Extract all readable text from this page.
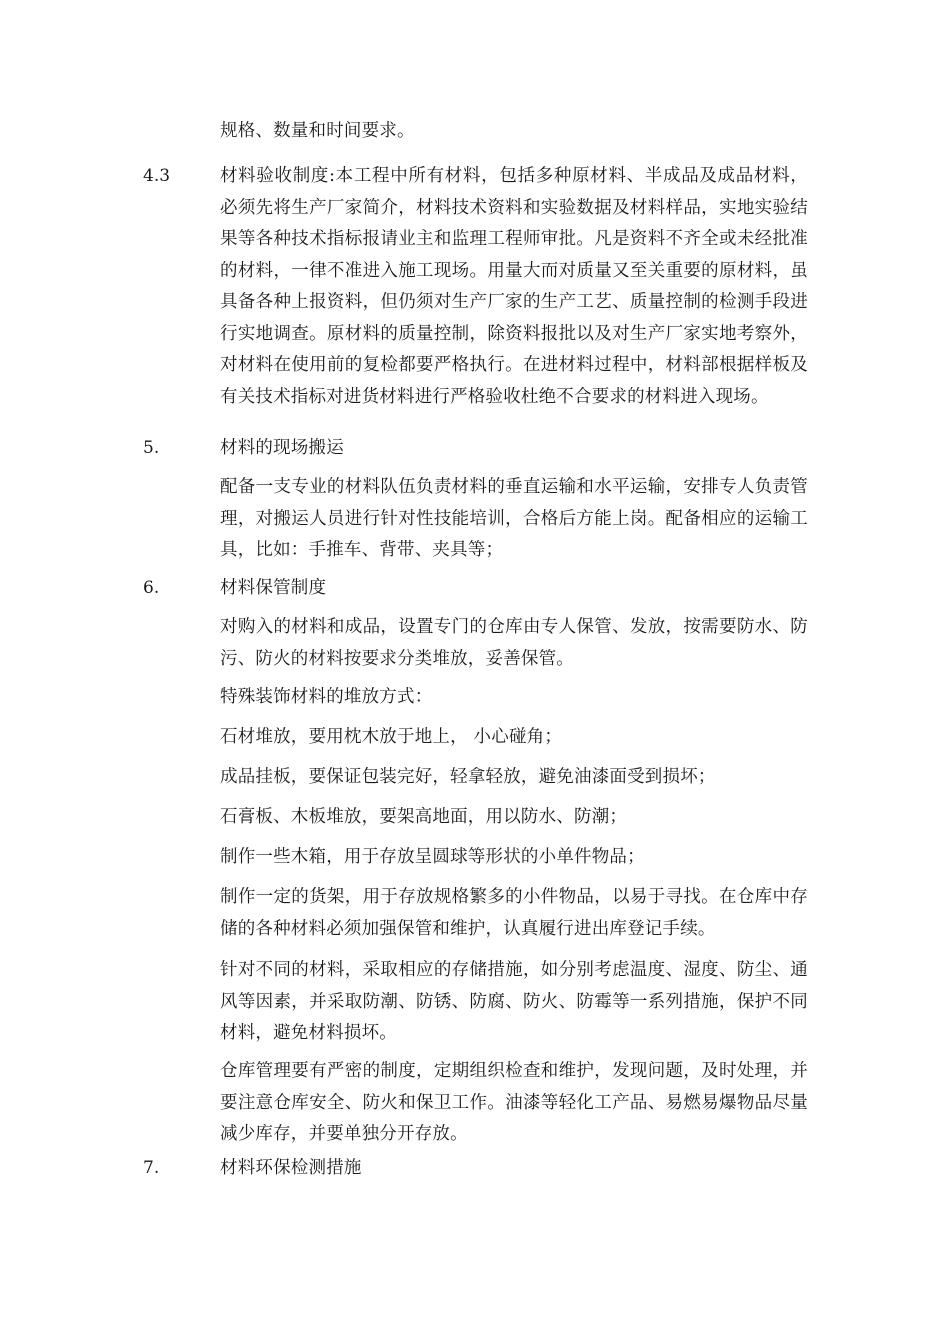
规格、数量和时间要求。
4.3	材料验收制度:本工程中所有材料，包括多种原材料、半成品及成品材料，必须先将生产厂家简介，材料技术资料和实验数据及材料样品，实地实验结果等各种技术指标报请业主和监理工程师审批。凡是资料不齐全或未经批准的材料，一律不准进入施工现场。用量大而对质量又至关重要的原材料，虽具备各种上报资料，但仍须对生产厂家的生产工艺、质量控制的检测手段进行实地调查。原材料的质量控制，除资料报批以及对生产厂家实地考察外，对材料在使用前的复检都要严格执行。在进材料过程中，材料部根据样板及有关技术指标对进货材料进行严格验收杜绝不合要求的材料进入现场。
5.	材料的现场搬运
配备一支专业的材料队伍负责材料的垂直运输和水平运输，安排专人负责管理，对搬运人员进行针对性技能培训，合格后方能上岗。配备相应的运输工具，比如：手推车、背带、夹具等；
6.	材料保管制度
对购入的材料和成品，设置专门的仓库由专人保管、发放，按需要防水、防污、防火的材料按要求分类堆放，妥善保管。
特殊装饰材料的堆放方式：
石材堆放，要用枕木放于地上， 小心碰角；
成品挂板，要保证包装完好，轻拿轻放，避免油漆面受到损坏；
石膏板、木板堆放，要架高地面，用以防水、防潮；
制作一些木箱，用于存放呈圆球等形状的小单件物品；
制作一定的货架，用于存放规格繁多的小件物品，以易于寻找。在仓库中存储的各种材料必须加强保管和维护，认真履行进出库登记手续。
针对不同的材料，采取相应的存储措施，如分别考虑温度、湿度、防尘、通风等因素，并采取防潮、防锈、防腐、防火、防霉等一系列措施，保护不同材料，避免材料损坏。
仓库管理要有严密的制度，定期组织检查和维护，发现问题，及时处理，并要注意仓库安全、防火和保卫工作。油漆等轻化工产品、易燃易爆物品尽量减少库存，并要单独分开存放。
7.	材料环保检测措施
